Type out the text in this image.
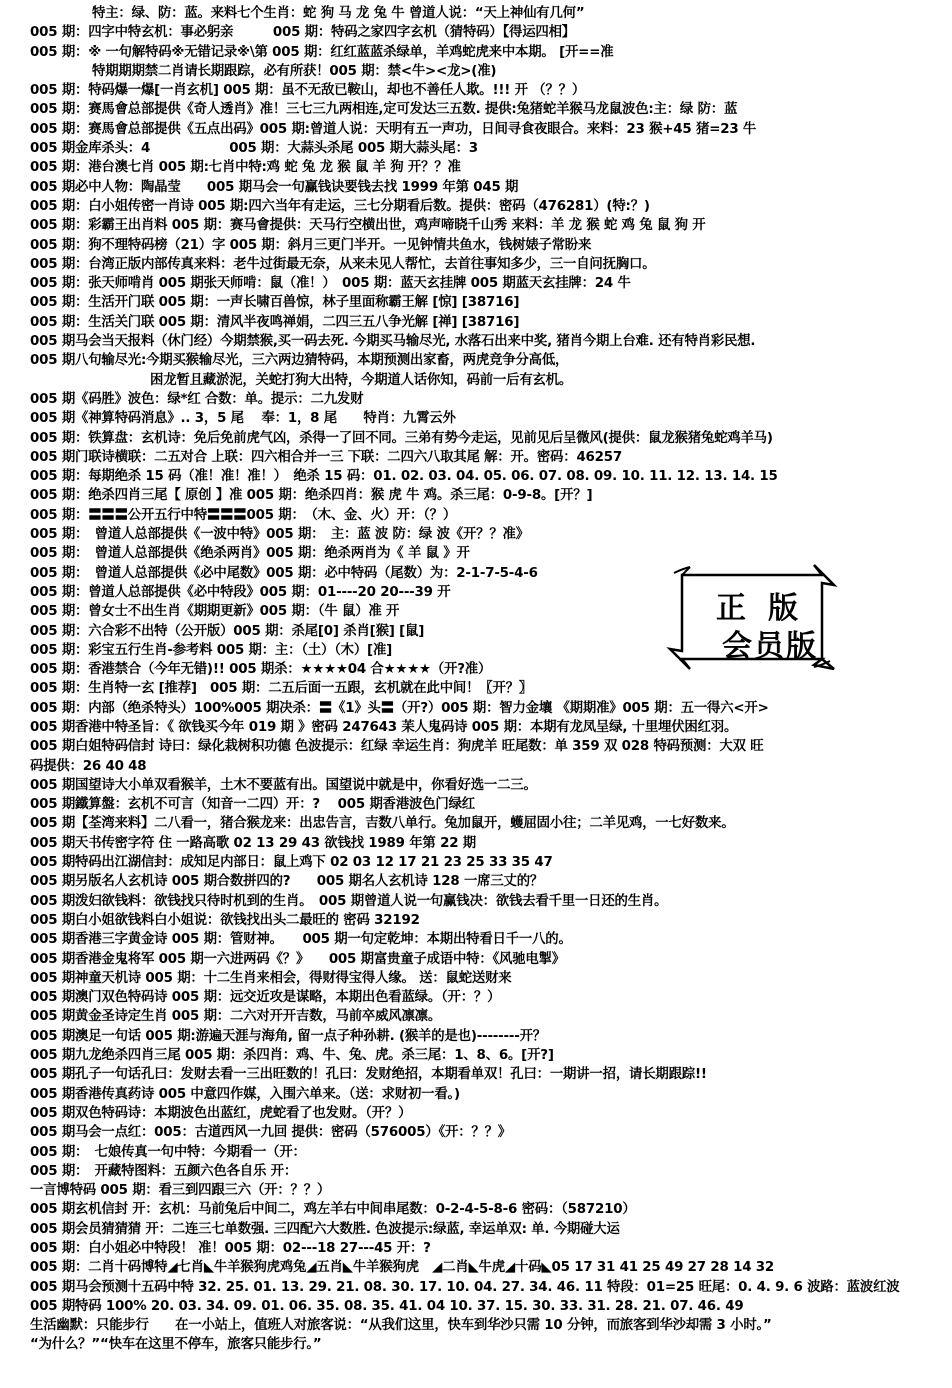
特主：绿、防：蓝。来料七个生肖：蛇 狗 马 龙 兔 牛 曾道人说：“天上神仙有几何”
005 期：四字中特玄机：事必躬亲　　　005 期：特码之家四字玄机（猜特码）【得运四相】
005 期：※ 一句解特码※无错记录※\第 005 期：红红蓝蓝杀绿单，羊鸡蛇虎来中本期。 [开==准
特期期期禁二肖请长期跟踪，必有所获！005 期：禁<牛><龙>(准)
005 期：特码爆一爆[一肖玄机] 005 期：虽不无敌已鞍山，却也不善任人欺。!!! 开 （？？）
005 期：赛馬會总部提供《奇人透肖》准！三七三九两相连,定可发达三五数. 提供:兔猪蛇羊猴马龙鼠波色:主：绿 防：蓝
005 期：赛馬會总部提供《五点出码》005 期:曾道人说：天明有五一声功，日间寻食夜眼合。来料：23 猴+45 猪=23 牛
005 期金库杀头：4　　　　　　005 期：大蒜头杀尾 005 期大蒜头尾：3
005 期：港台澳七肖 005 期:七肖中特:鸡 蛇 兔 龙 猴 鼠 羊 狗 开？？准
005 期必中人物：陶晶莹　　005 期马会一句赢钱诀要钱去找 1999 年第 045 期
005 期：白小姐传密一肖诗 005 期:四六当年有走运，三七分期看后数。提供：密码（476281）(特:？)
005 期：彩霸王出肖料 005 期：赛马會提供：天马行空横出世，鸡声啼晓千山秀 来料：羊 龙 猴 蛇 鸡 兔 鼠 狗 开
005 期：狗不理特码榜（21）字 005 期：斜月三更门半开。一见钟情共鱼水，钱树婊子常盼来
005 期：台湾正版内部传真来料：老牛过街最无奈，从来未见人帮忙，去首往事知多少，三一自问抚胸口。
005 期：张天师啃肖 005 期张天师啃：鼠（准！）　005 期：蓝天玄挂牌 005 期蓝天玄挂牌：24 牛
005 期：生活开门联 005 期：一声长啸百兽惊，林子里面称霸王解 [惊] [38716]
005 期：生活关门联 005 期：清风半夜鸣禅娟，二四三五八争光解 [禅] [38716]
005 期马会当天报料（休门经）今期禁猴,买一码去死. 今期买马输尽光, 水落石出来中奖, 猪肖今期上台难. 还有特肖彩民想.
005 期八句输尽光:今期买猴输尽光，三六两边猜特码，本期预测出家畜，两虎竞争分高低，
困龙暂且藏淤泥，关蛇打狗大出特，今期道人话你知，码前一后有玄机。
005 期《码胜》波色：绿*红 合数：单。提示：二九发财
005 期《神算特码消息》.. 3，5 尾　 奉：1，8 尾　　特肖：九霄云外
005 期：铁算盘：玄机诗：免后免前虎气凶，杀得一了回不同。三弟有势今走运，见前见后呈微风(提供：鼠龙猴猪兔蛇鸡羊马)
005 期门联诗横联：二五对合 上联：四六相合并一三 下联：二四六八取其尾 解：开。密码：46257
005 期：每期绝杀 15 码（准！准！准！）　绝杀 15 码：01. 02. 03. 04. 05. 06. 07. 08. 09. 10. 11. 12. 13. 14. 15
005 期：绝杀四肖三尾【 原创 】准 005 期：绝杀四肖：猴 虎 牛 鸡。杀三尾：0-9-8。[开？]
005 期：〓〓〓公开五行中特〓〓〓005 期：　（木、金、火）开：（？）
005 期：　曾道人总部提供《一波中特》005 期：　主：蓝 波 防：绿 波《开？？准》
005 期：　曾道人总部提供《绝杀两肖》005 期：绝杀两肖为《 羊 鼠 》开
005 期：　曾道人总部提供《必中尾数》005 期：必中特码（尾数）为：2-1-7-5-4-6
005 期：曾道人总部提供《必中特段》005 期：01----20 20---39 开
005 期：曾女士不出生肖《期期更新》005 期：（牛 鼠）准 开
005 期：六合彩不出特（公开版）005 期：杀尾[0] 杀肖[猴] [鼠]
005 期：彩宝五行生肖-参考料 005 期：主：（土）（木）[准]
005 期：香港禁合（今年无错)!! 005 期杀：★★★★04 合★★★★（开?准）
005 期：生肖特一玄 [推荐]　005 期：二五后面一五跟，玄机就在此中间！〖开？〗
005 期：内部（绝杀特头）100%005 期决杀：〓《1》头〓（开?）005 期：智力金壤 《期期准》005 期：五一得六<开>
005 期香港中特圣旨：《 欲钱买今年 019 期 》密码 247643 苿人鬼码诗 005 期：本期有龙凤呈绿, 十里埋伏困红羽。
005 期白姐特码信封 诗曰：绿化栽树积功德 色波提示：红绿 幸运生肖：狗虎羊 旺尾数：单 359 双 028 特码预测：大双 旺
码提供：26 40 48
005 期国望诗大小单双看猴羊，土木不要蓝有出。国望说中就是中，你看好选一二三。
005 期鐵算盤：玄机不可言（知音一二四）开：?　 005 期香港波色门绿红
005 期【荃湾来料】二八看一，猪合猴龙来：出忠告言，吉数八单行。兔加鼠开，蠖屈固小往；二羊见鸡，一七好数来。
005 期天书传密字符 住 一路高歌 02 13 29 43 欲钱找 1989 年第 22 期
005 期特码出江湖信封：成知足内部日：鼠上鸡下 02 03 12 17 21 23 25 33 35 47
005 期另版名人玄机诗 005 期合数拼四的?　　005 期名人玄机诗 128 一席三丈的？
005 期泼妇欲钱料：欲钱找只待时机到的生肖。　005 期曾道人说一句赢钱决：欲钱去看千里一日还的生肖。
005 期白小姐欲钱料白小姐说：欲钱找出头二最旺的 密码 32192
005 期香港三字黄金诗 005 期：管财神。　　005 期一句定乾坤：本期出特看日千一八的。
005 期香港金鬼将军 005 期一六进两码《？》　　005 期富贵童子成语中特：《风驰电掣》
005 期神童天机诗 005 期：十二生肖来相会，得财得宝得人缘。 送：鼠蛇送财来
005 期澳门双色特码诗 005 期：远交近攻是谋略，本期出色看蓝绿。（开：？）
005 期黄金圣诗定生肖 005 期：二六对开开吉数，马前卒威风凛凛。
005 期澳足一句话 005 期:游遍天涯与海角, 留一点子种孙耕. (猴羊的是也)--------开？
005 期九龙绝杀四肖三尾 005 期：杀四肖：鸡、牛、兔、虎。杀三尾：1、8、6。[开?]
005 期孔子一句话孔曰：发财去看一三出旺数的！孔曰：发财绝招，本期看单双！孔曰：一期讲一招，请长期跟踪!!
005 期香港传真药诗 005 中意四作媒，入围六单来。（送：求财初一看。)
005 期双色特码诗：本期波色出蓝红，虎蛇看了也发财。（开？）
005 期马会一点红：005：古道西风一九回 提供：密码（576005）《开：？？》
005 期：　七娘传真一句中特：今期看一（开：
005 期：　开藏特图料：五颜六色各自乐 开：
一言博特码 005 期：看三到四跟三六（开：？？）
005 期玄机信封 开：玄机：马前兔后中间二，鸡左羊右中间串尾数：0-2-4-5-8-6 密码：（587210）
005 期会员猜猜猜 开：二连三七单数强. 三四配六大数胜. 色波提示:绿蓝, 幸运单双: 单. 今期碰大运
005 期：白小姐必中特段！ 准！005 期：02---18 27---45 开：?
005 期：二肖十码博特◢七肖◣牛羊猴狗虎鸡兔◢五肖◣牛羊猴狗虎　◢二肖◣牛虎◢十码◣05 17 31 41 25 49 27 28 14 32
005 期马会预测十五码中特 32. 25. 01. 13. 29. 21. 08. 30. 17. 10. 04. 27. 34. 46. 11 特段：01=25 旺尾：0. 4. 9. 6 波路：蓝波红波
005 期特码 100% 20. 03. 34. 09. 01. 06. 35. 08. 35. 41. 04 10. 37. 15. 30. 33. 31. 28. 21. 07. 46. 49
生活幽默：只能步行　　在一小站上，值班人对旅客说：“从我们这里，快车到华沙只需 10 分钟，而旅客到华沙却需 3 小时。”
“为什么？”“快车在这里不停车，旅客只能步行。”
正版
会员版
